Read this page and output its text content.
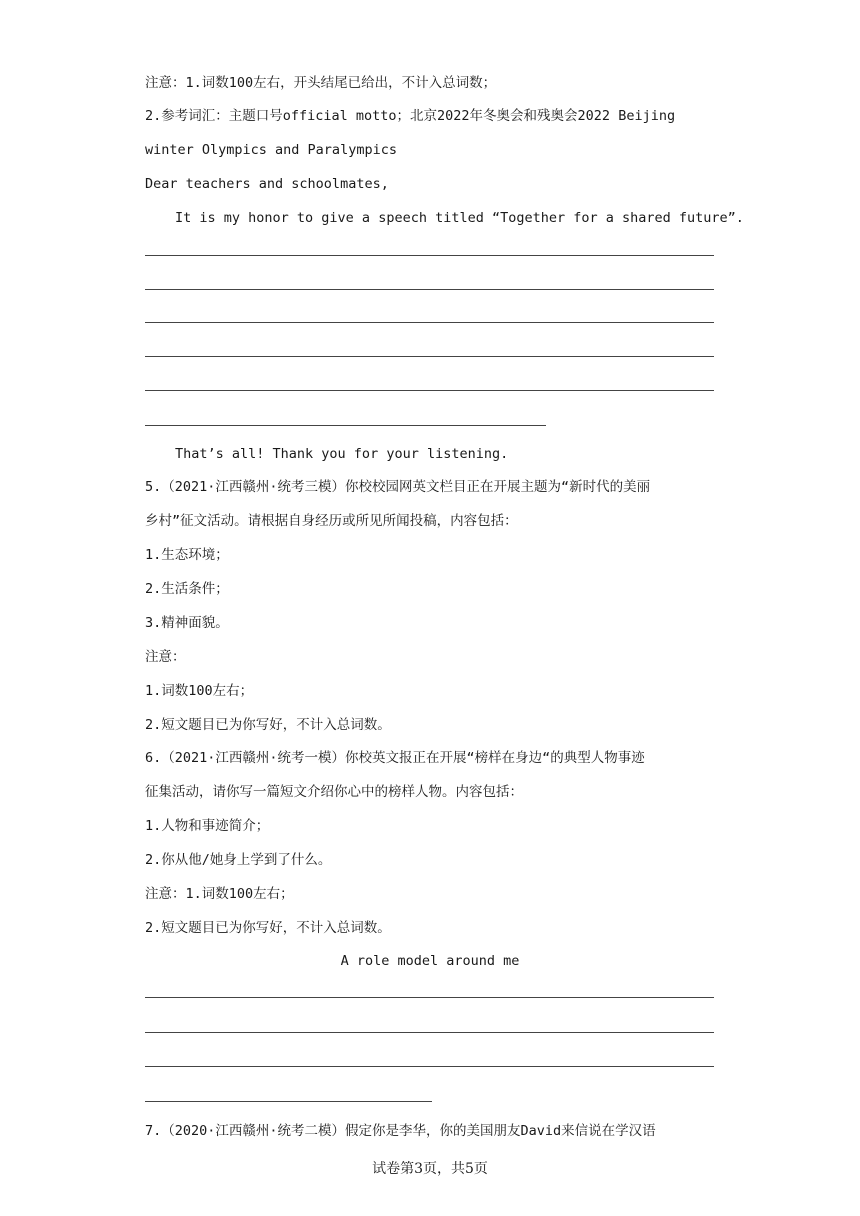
注意：1.词数100左右，开头结尾已给出，不计入总词数；
2.参考词汇：主题口号official motto；北京2022年冬奥会和残奥会2022 Beijing
winter Olympics and Paralympics
Dear teachers and schoolmates,
It is my honor to give a speech titled “Together for a shared future”.
That’s all! Thank you for your listening.
5.（2021·江西赣州·统考三模）你校校园网英文栏目正在开展主题为“新时代的美丽
乡村”征文活动。请根据自身经历或所见所闻投稿，内容包括：
1.生态环境；
2.生活条件；
3.精神面貌。
注意：
1.词数100左右；
2.短文题目已为你写好，不计入总词数。
6.（2021·江西赣州·统考一模）你校英文报正在开展“榜样在身边“的典型人物事迹
征集活动，请你写一篇短文介绍你心中的榜样人物。内容包括：
1.人物和事迹简介；
2.你从他/她身上学到了什么。
注意：1.词数100左右；
2.短文题目已为你写好，不计入总词数。
A role model around me
7.（2020·江西赣州·统考二模）假定你是李华，你的美国朋友David来信说在学汉语
试卷第3页，共5页
